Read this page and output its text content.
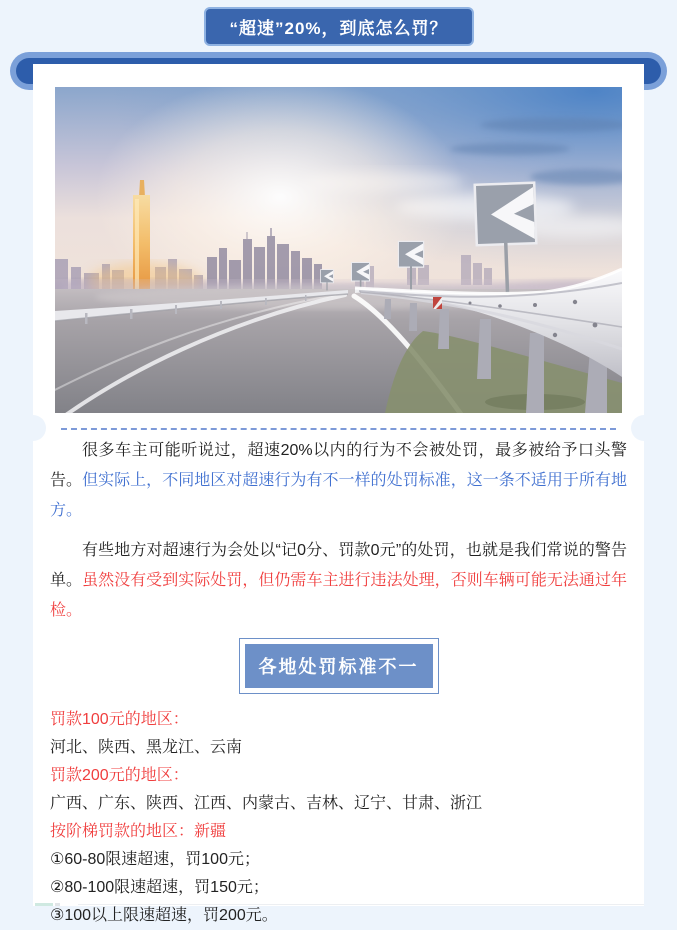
“超速”20%，到底怎么罚？

很多车主可能听说过，超速20%以内的行为不会被处罚，最多被给予口头警告。但实际上，不同地区对超速行为有不一样的处罚标准，这一条不适用于所有地方。

有些地方对超速行为会处以“记0分、罚款0元”的处罚，也就是我们常说的警告单。虽然没有受到实际处罚，但仍需车主进行违法处理，否则车辆可能无法通过年检。

各地处罚标准不一
罚款100元的地区：
河北、陕西、黑龙江、云南
罚款200元的地区：
广西、广东、陕西、江西、内蒙古、吉林、辽宁、甘肃、浙江
按阶梯罚款的地区：新疆
①60-80限速超速，罚100元；
②80-100限速超速，罚150元；
③100以上限速超速，罚200元。
